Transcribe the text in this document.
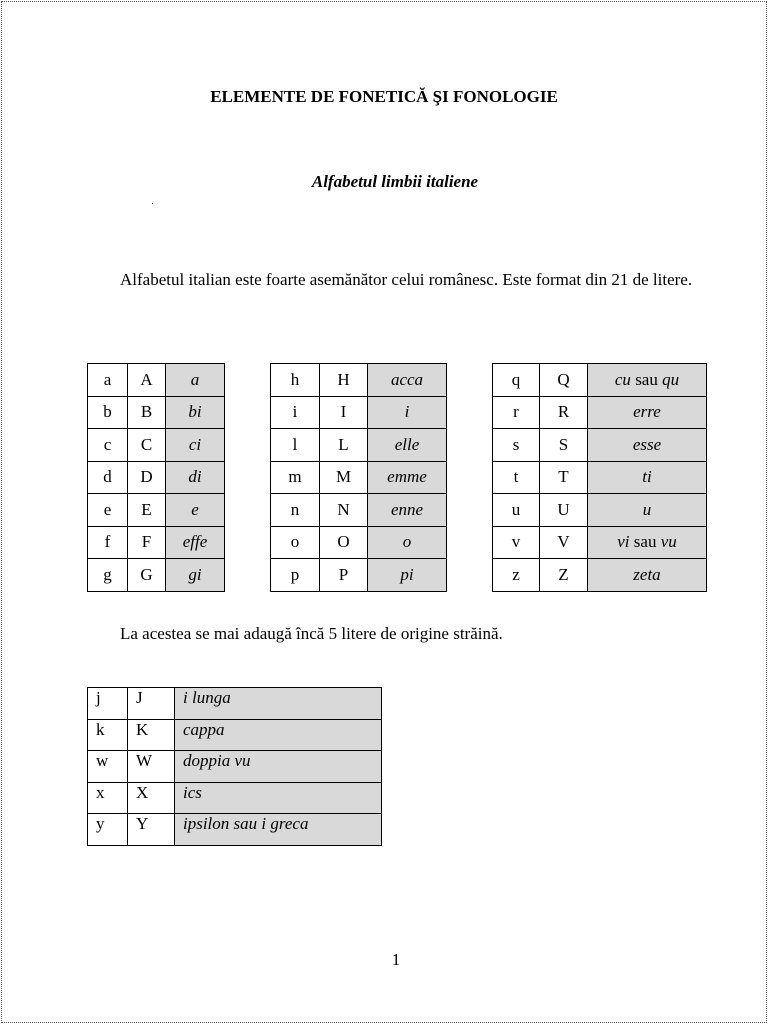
ELEMENTE DE FONETICĂ ŞI FONOLOGIE
Alfabetul limbii italiene
Alfabetul italian este foarte asemănător celui românesc. Este format din 21 de litere.
a	A	a
b	B	bi
c	C	ci
d	D	di
e	E	e
f	F	effe
g	G	gi
h	H	acca
i	I	i
l	L	elle
m	M	emme
n	N	enne
o	O	o
p	P	pi
q	Q	cu sau qu
r	R	erre
s	S	esse
t	T	ti
u	U	u
v	V	vi sau vu
z	Z	zeta
La acestea se mai adaugă încă 5 litere de origine străină.
j	J	i lunga
k	K	cappa
w	W	doppia vu
x	X	ics
y	Y	ipsilon sau i greca
1
